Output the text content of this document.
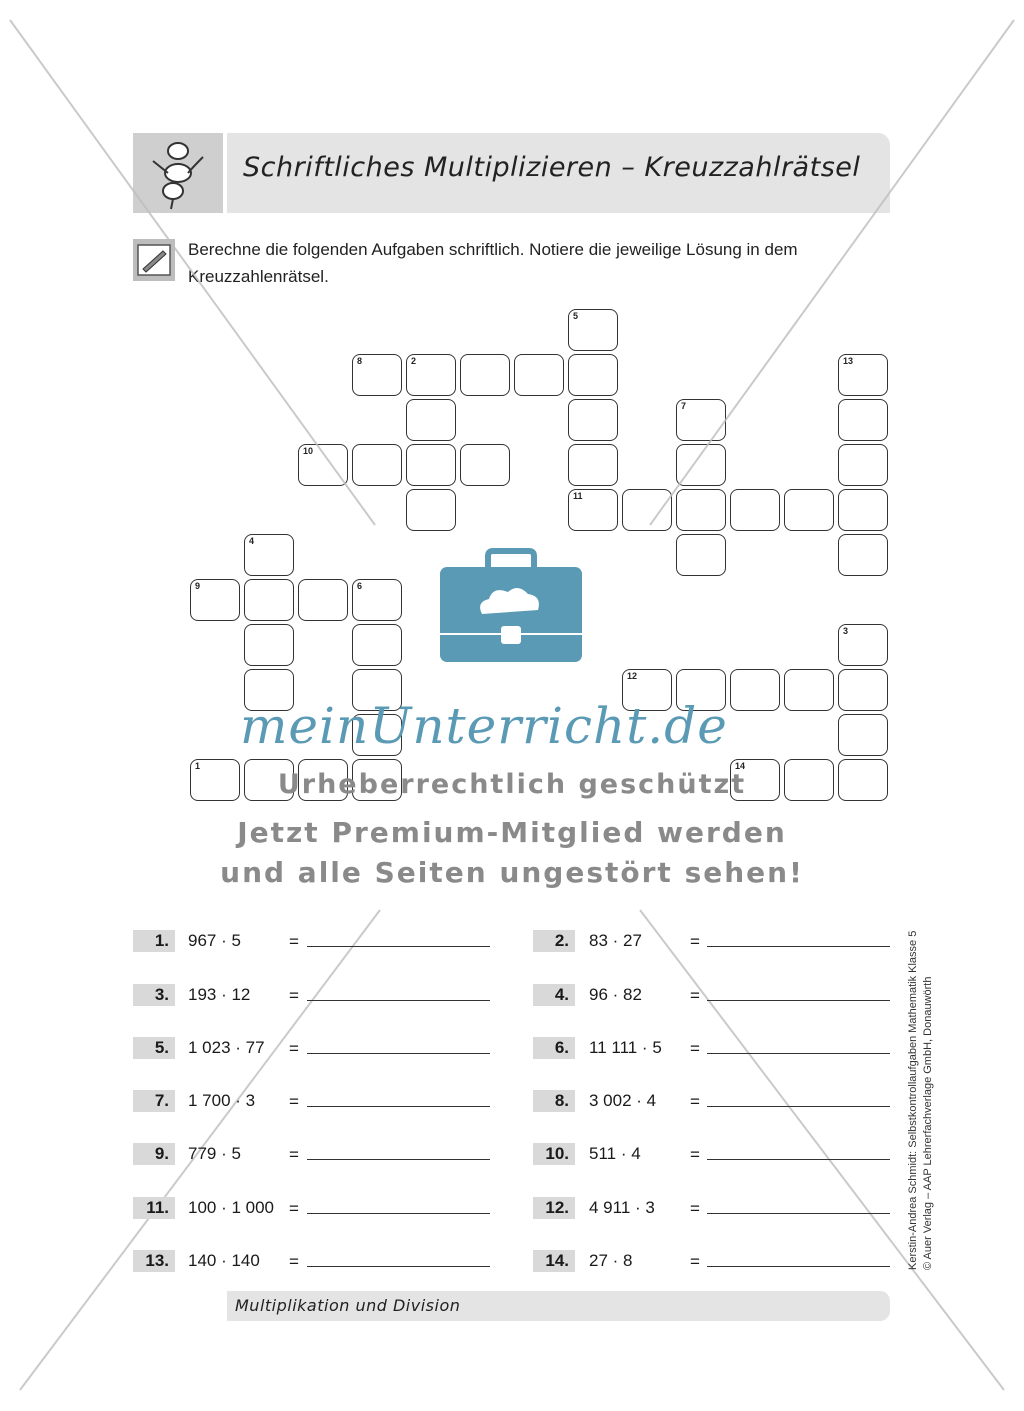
Schriftliches Multiplizieren – Kreuzzahlrätsel
Berechne die folgenden Aufgaben schriftlich. Notiere die jeweilige Lösung in dem Kreuzzahlenrätsel.
5
8	2	13
7
10
11
4
9	6
3
12
1	14
meinUnterricht.de
Urheberrechtlich geschützt
Jetzt Premium-Mitglied werden
und alle Seiten ungestört sehen!
1.	967 · 5	=	2.	83 · 27	=
3.	193 · 12 =	4.	96 · 82	=
5.	1 023 · 77 =	6.	11 111 · 5 =
7.	1 700 · 3 =	8.	3 002 · 4 =
9.	779 · 5	=	10.	511 · 4	=
11.	100 · 1 000 =	12.	4 911 · 3 =
13.	140 · 140 =	14.	27 · 8	=
Multiplikation und Division
Kerstin-Andrea Schmidt: Selbstkontrollaufgaben Mathematik Klasse 5 © Auer Verlag – AAP Lehrerfachverlage GmbH, Donauwörth
